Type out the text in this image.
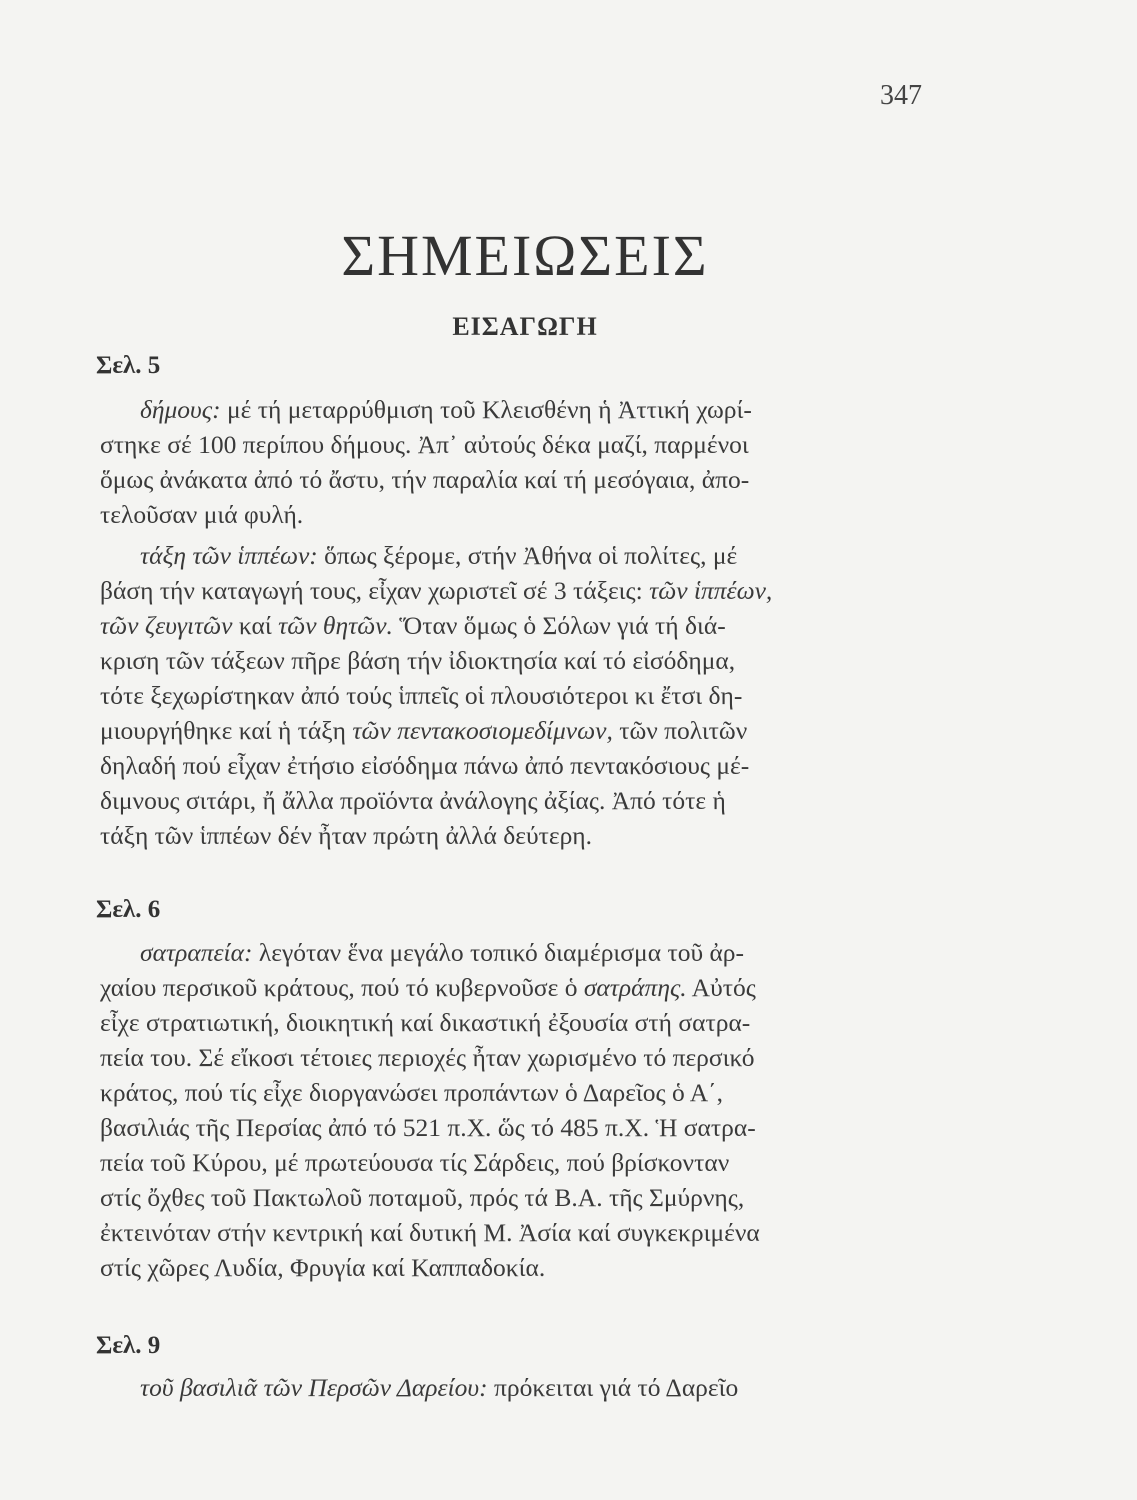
347
ΣΗΜΕΙΩΣΕΙΣ
ΕΙΣΑΓΩΓΗ
Σελ. 5
δήμους: μέ τή μεταρρύθμιση τοῦ Κλεισθένη ἡ Ἀττική χωρί-
στηκε σέ 100 περίπου δήμους. Ἀπ᾽ αὐτούς δέκα μαζί, παρμένοι
ὅμως ἀνάκατα ἀπό τό ἄστυ, τήν παραλία καί τή μεσόγαια, ἀπο-
τελοῦσαν μιά φυλή.
τάξη τῶν ἱππέων: ὅπως ξέρομε, στήν Ἀθήνα οἱ πολίτες, μέ
βάση τήν καταγωγή τους, εἶχαν χωριστεῖ σέ 3 τάξεις: τῶν ἱππέων,
τῶν ζευγιτῶν καί τῶν θητῶν. Ὅταν ὅμως ὁ Σόλων γιά τή διά-
κριση τῶν τάξεων πῆρε βάση τήν ἰδιοκτησία καί τό εἰσόδημα,
τότε ξεχωρίστηκαν ἀπό τούς ἱππεῖς οἱ πλουσιότεροι κι ἔτσι δη-
μιουργήθηκε καί ἡ τάξη τῶν πεντακοσιομεδίμνων, τῶν πολιτῶν
δηλαδή πού εἶχαν ἐτήσιο εἰσόδημα πάνω ἀπό πεντακόσιους μέ-
διμνους σιτάρι, ἤ ἄλλα προϊόντα ἀνάλογης ἀξίας. Ἀπό τότε ἡ
τάξη τῶν ἱππέων δέν ἦταν πρώτη ἀλλά δεύτερη.
Σελ. 6
σατραπεία: λεγόταν ἕνα μεγάλο τοπικό διαμέρισμα τοῦ ἀρ-
χαίου περσικοῦ κράτους, πού τό κυβερνοῦσε ὁ σατράπης. Αὐτός
εἶχε στρατιωτική, διοικητική καί δικαστική ἐξουσία στή σατρα-
πεία του. Σέ εἴκοσι τέτοιες περιοχές ἦταν χωρισμένο τό περσικό
κράτος, πού τίς εἶχε διοργανώσει προπάντων ὁ Δαρεῖος ὁ Α΄,
βασιλιάς τῆς Περσίας ἀπό τό 521 π.Χ. ὥς τό 485 π.Χ. Ἡ σατρα-
πεία τοῦ Κύρου, μέ πρωτεύουσα τίς Σάρδεις, πού βρίσκονταν
στίς ὄχθες τοῦ Πακτωλοῦ ποταμοῦ, πρός τά Β.Α. τῆς Σμύρνης,
ἐκτεινόταν στήν κεντρική καί δυτική Μ. Ἀσία καί συγκεκριμένα
στίς χῶρες Λυδία, Φρυγία καί Καππαδοκία.
Σελ. 9
τοῦ βασιλιᾶ τῶν Περσῶν Δαρείου: πρόκειται γιά τό Δαρεῖο
